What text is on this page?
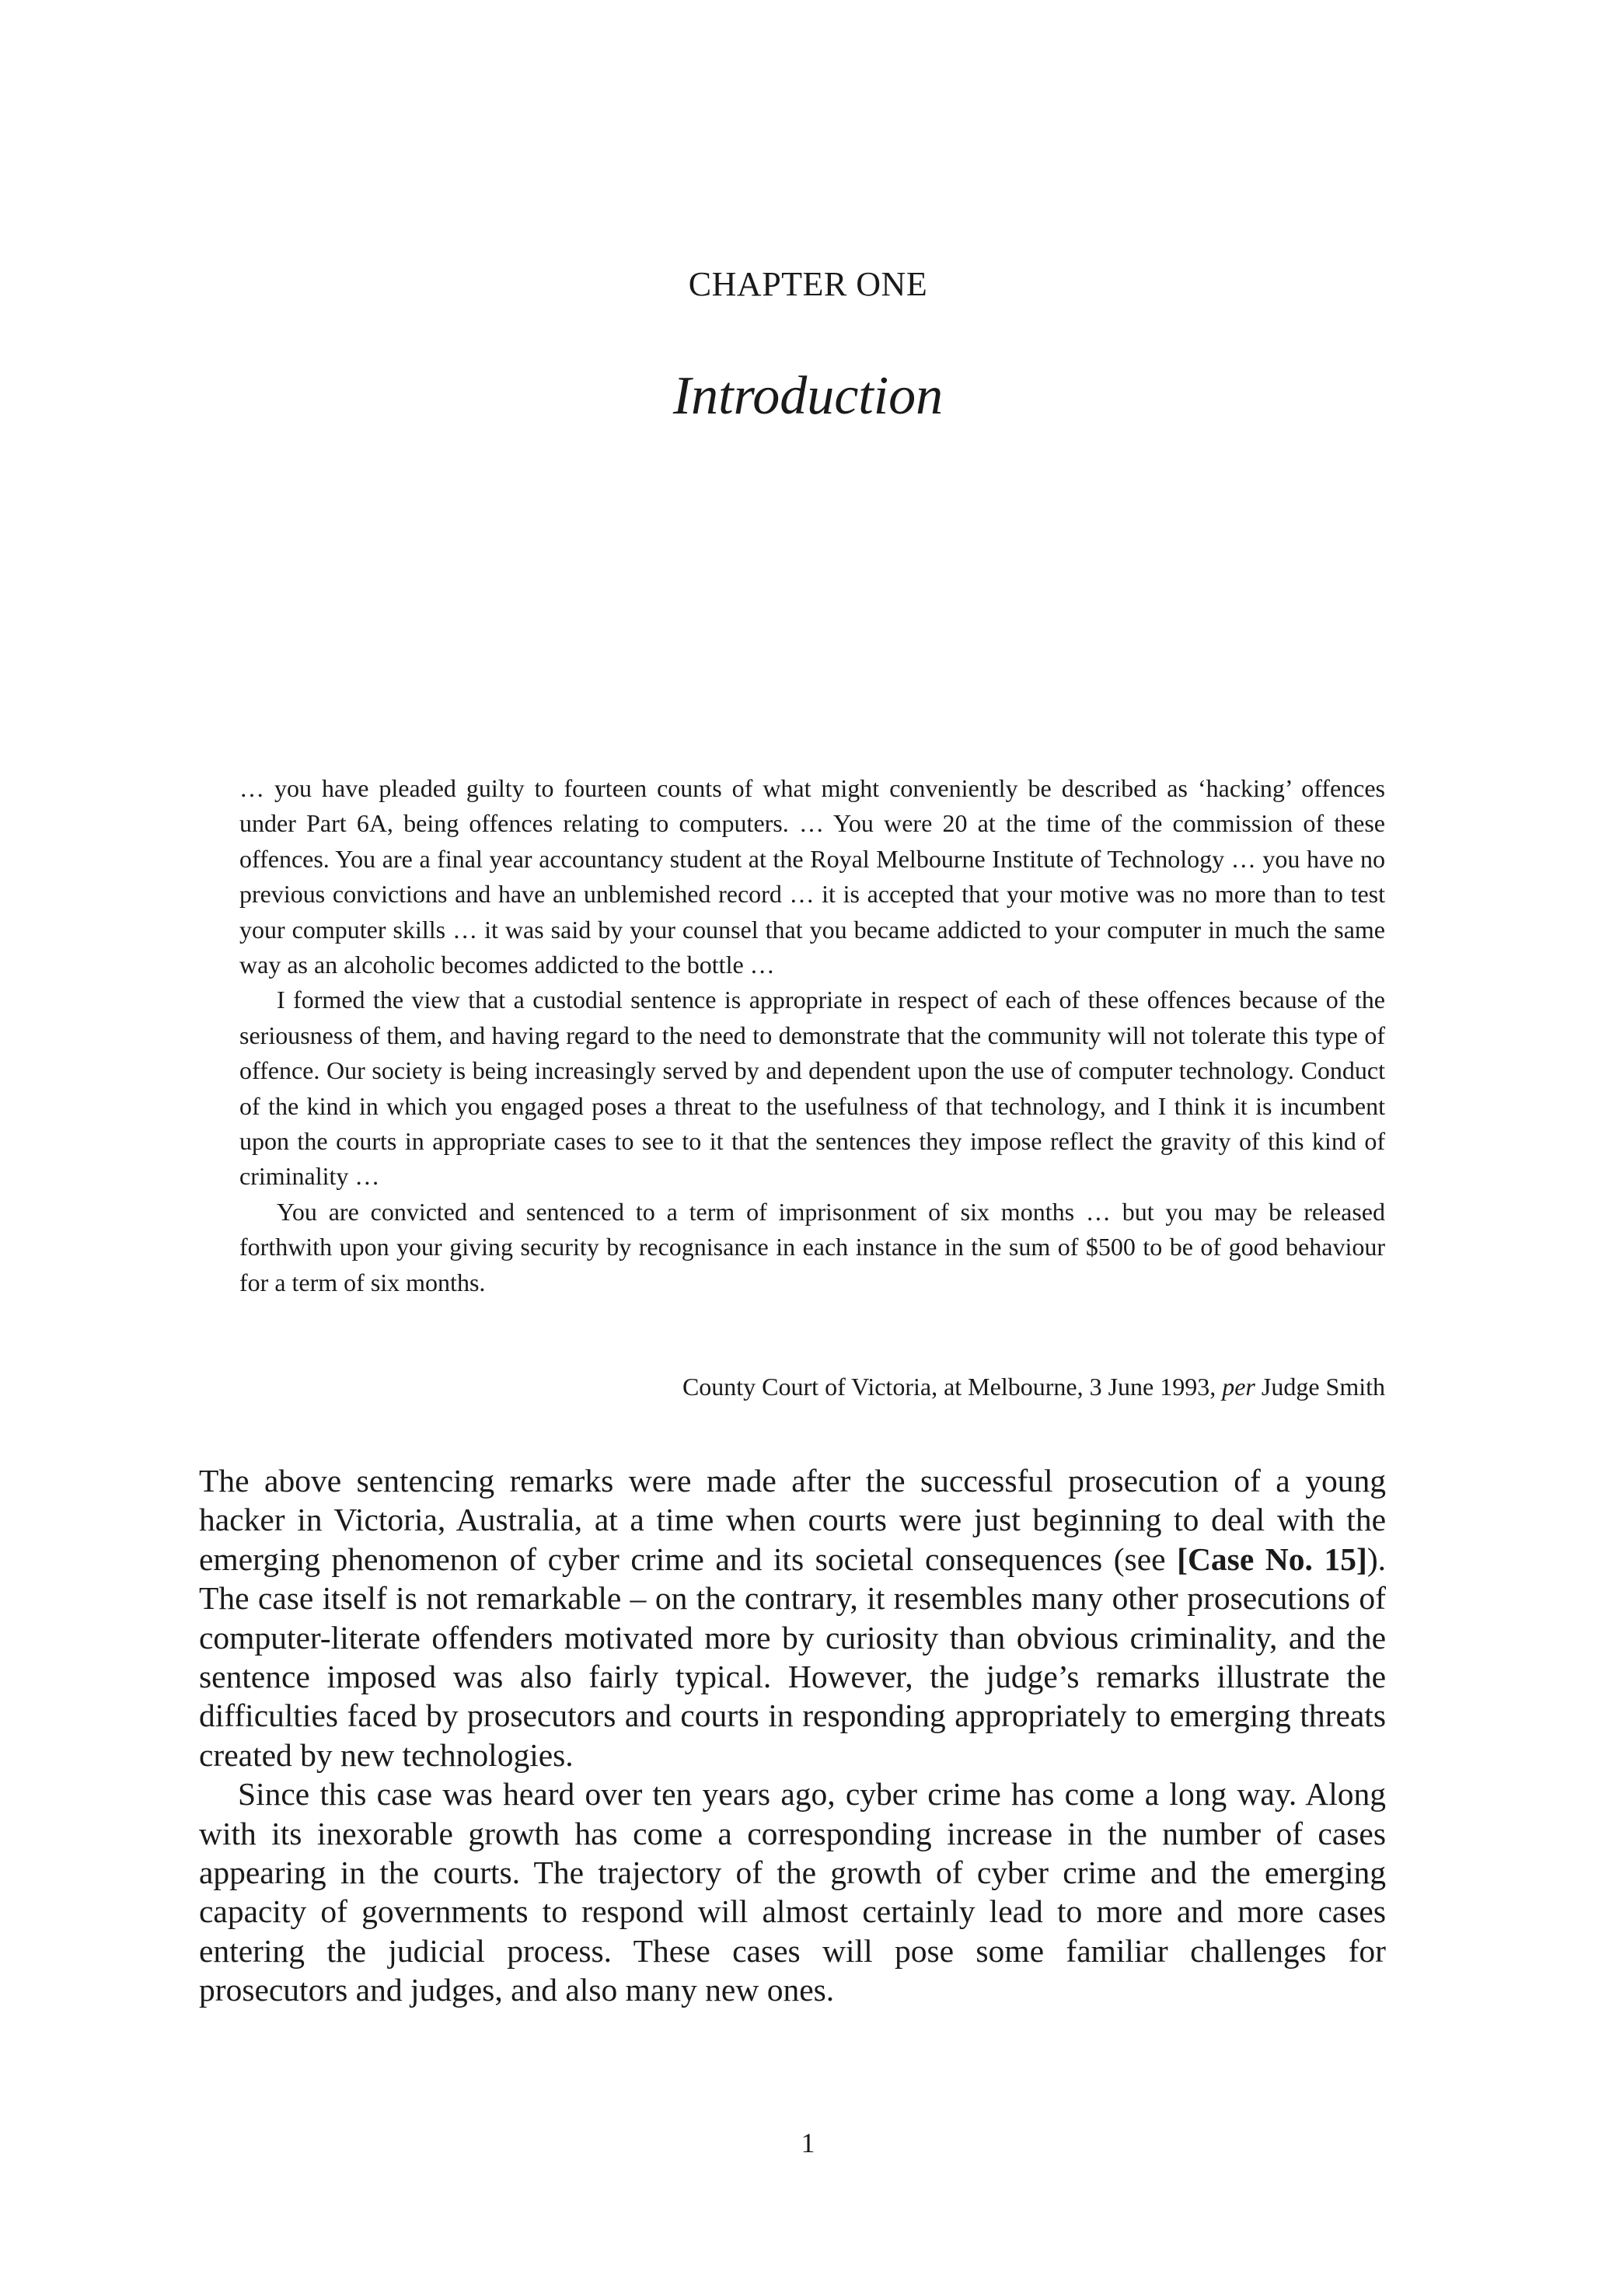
CHAPTER ONE
Introduction

… you have pleaded guilty to fourteen counts of what might conveniently be described as ‘hacking’ offences under Part 6A, being offences relating to computers. … You were 20 at the time of the commission of these offences. You are a final year accountancy student at the Royal Melbourne Institute of Technology … you have no previous convictions and have an unblemished record … it is accepted that your motive was no more than to test your computer skills … it was said by your counsel that you became addicted to your computer in much the same way as an alcoholic becomes addicted to the bottle …

I formed the view that a custodial sentence is appropriate in respect of each of these offences because of the seriousness of them, and having regard to the need to demonstrate that the community will not tolerate this type of offence. Our society is being increasingly served by and dependent upon the use of computer technology. Conduct of the kind in which you engaged poses a threat to the usefulness of that technology, and I think it is incumbent upon the courts in appropriate cases to see to it that the sentences they impose reflect the gravity of this kind of criminality …

You are convicted and sentenced to a term of imprisonment of six months … but you may be released forthwith upon your giving security by recognisance in each instance in the sum of $500 to be of good behaviour for a term of six months.

County Court of Victoria, at Melbourne, 3 June 1993, per Judge Smith

The above sentencing remarks were made after the successful prosecution of a young hacker in Victoria, Australia, at a time when courts were just beginning to deal with the emerging phenomenon of cyber crime and its societal consequences (see [Case No. 15]). The case itself is not remarkable – on the contrary, it resembles many other prosecutions of computer-literate offenders motivated more by curiosity than obvious criminality, and the sentence imposed was also fairly typical. However, the judge’s remarks illustrate the difficulties faced by prosecutors and courts in responding appropriately to emerging threats created by new technologies.

Since this case was heard over ten years ago, cyber crime has come a long way. Along with its inexorable growth has come a corresponding increase in the number of cases appearing in the courts. The trajectory of the growth of cyber crime and the emerging capacity of governments to respond will almost certainly lead to more and more cases entering the judicial process. These cases will pose some familiar challenges for prosecutors and judges, and also many new ones.

1
